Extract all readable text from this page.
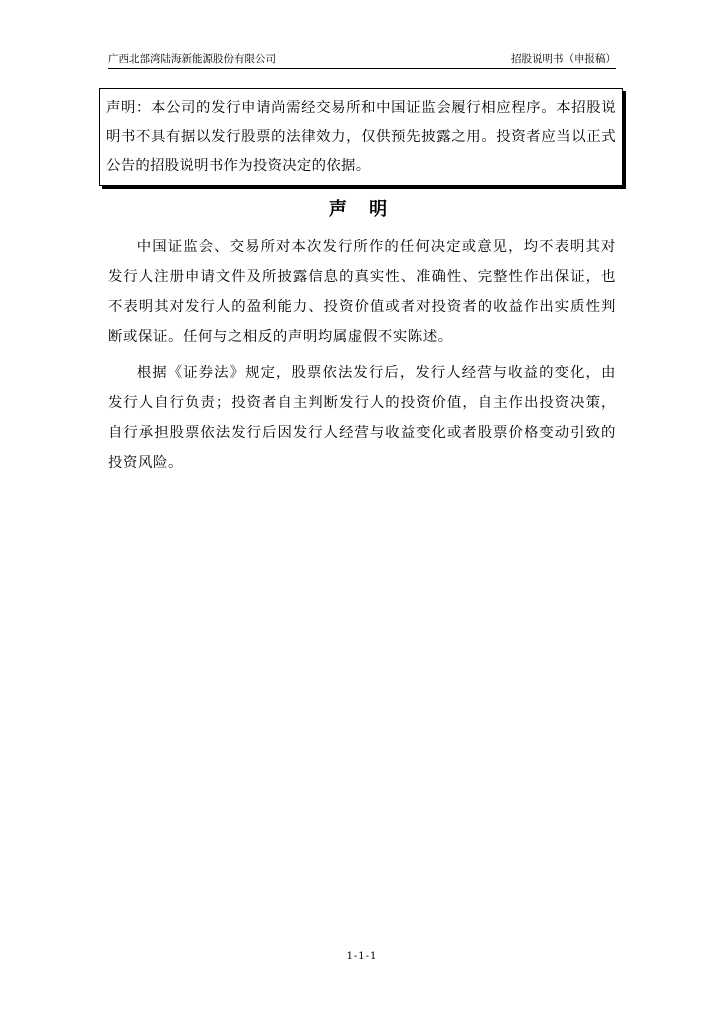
广西北部湾陆海新能源股份有限公司	招股说明书（申报稿）

声明：本公司的发行申请尚需经交易所和中国证监会履行相应程序。本招股说明书不具有据以发行股票的法律效力，仅供预先披露之用。投资者应当以正式公告的招股说明书作为投资决定的依据。

声 明

中国证监会、交易所对本次发行所作的任何决定或意见，均不表明其对发行人注册申请文件及所披露信息的真实性、准确性、完整性作出保证，也不表明其对发行人的盈利能力、投资价值或者对投资者的收益作出实质性判断或保证。任何与之相反的声明均属虚假不实陈述。

根据《证券法》规定，股票依法发行后，发行人经营与收益的变化，由发行人自行负责；投资者自主判断发行人的投资价值，自主作出投资决策，自行承担股票依法发行后因发行人经营与收益变化或者股票价格变动引致的投资风险。

1-1-1
